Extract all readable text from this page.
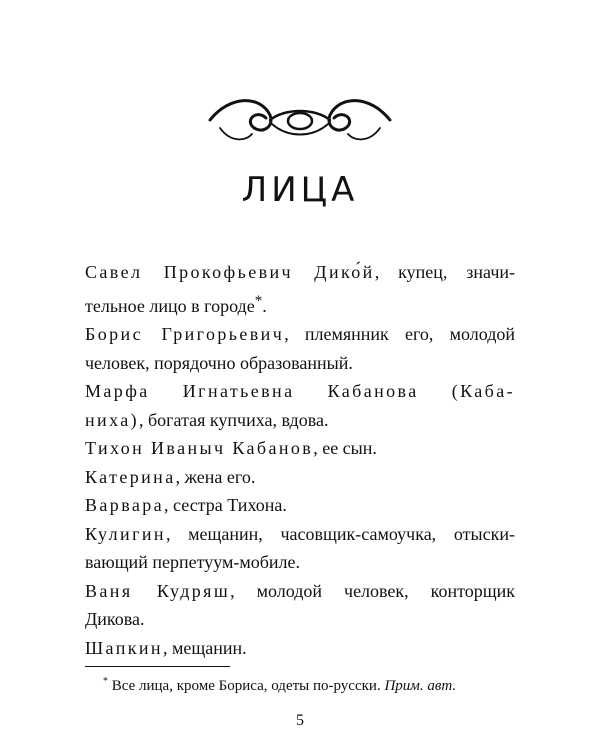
ЛИЦА
Савел Прокофьевич Дико́й, купец, значи-
тельное лицо в городе*.
Борис Григорьевич, племянник его, молодой
человек, порядочно образованный.
Марфа Игнатьевна Кабанова (Каба-
ниха), богатая купчиха, вдова.
Тихон Иваныч Кабанов, ее сын.
Катерина, жена его.
Варвара, сестра Тихона.
Кулигин, мещанин, часовщик-самоучка, отыски-
вающий перпетуум-мобиле.
Ваня Кудряш, молодой человек, конторщик
Дикова.
Шапкин, мещанин.
* Все лица, кроме Бориса, одеты по-русски. Прим. авт.
5
